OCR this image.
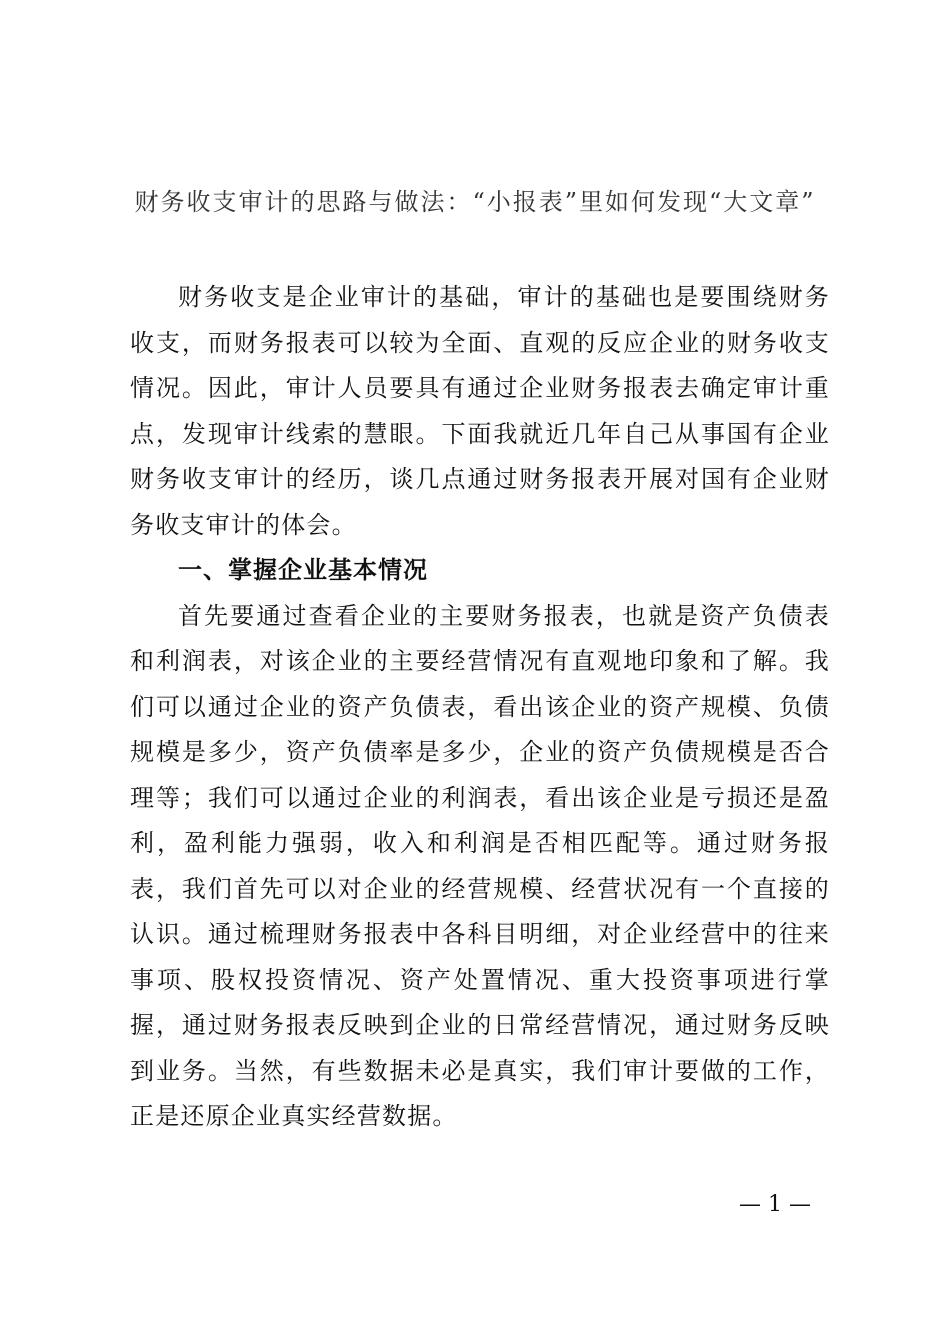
财务收支审计的思路与做法：“小报表”里如何发现“大文章”

财务收支是企业审计的基础，审计的基础也是要围绕财务收支，而财务报表可以较为全面、直观的反应企业的财务收支情况。因此，审计人员要具有通过企业财务报表去确定审计重点，发现审计线索的慧眼。下面我就近几年自己从事国有企业财务收支审计的经历，谈几点通过财务报表开展对国有企业财务收支审计的体会。

一、掌握企业基本情况

首先要通过查看企业的主要财务报表，也就是资产负债表和利润表，对该企业的主要经营情况有直观地印象和了解。我们可以通过企业的资产负债表，看出该企业的资产规模、负债规模是多少，资产负债率是多少，企业的资产负债规模是否合理等；我们可以通过企业的利润表，看出该企业是亏损还是盈利，盈利能力强弱，收入和利润是否相匹配等。通过财务报表，我们首先可以对企业的经营规模、经营状况有一个直接的认识。通过梳理财务报表中各科目明细，对企业经营中的往来事项、股权投资情况、资产处置情况、重大投资事项进行掌握，通过财务报表反映到企业的日常经营情况，通过财务反映到业务。当然，有些数据未必是真实，我们审计要做的工作，正是还原企业真实经营数据。

— 1 —
